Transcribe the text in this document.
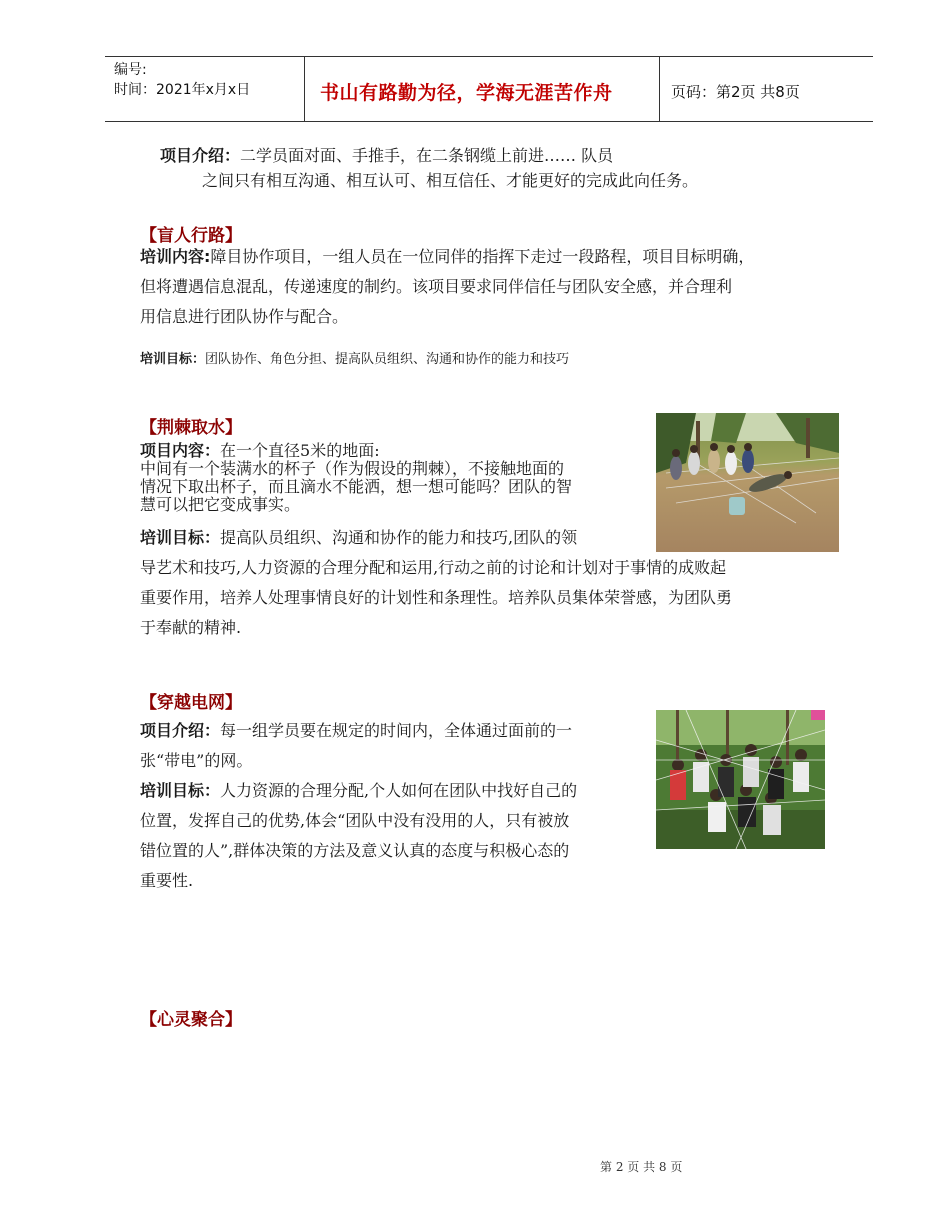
编号:
时间：2021年x月x日	书山有路勤为径，学海无涯苦作舟	页码：第2页 共8页
项目介绍：二学员面对面、手推手，在二条钢缆上前进…… 队员
之间只有相互沟通、相互认可、相互信任、才能更好的完成此向任务。
【盲人行路】
培训内容:障目协作项目，一组人员在一位同伴的指挥下走过一段路程，项目目标明确，
但将遭遇信息混乱，传递速度的制约。该项目要求同伴信任与团队安全感，并合理利
用信息进行团队协作与配合。
培训目标：团队协作、角色分担、提高队员组织、沟通和协作的能力和技巧
【荆棘取水】
项目内容：在一个直径5米的地面:
中间有一个装满水的杯子（作为假设的荆棘），不接触地面的
情况下取出杯子，而且滴水不能洒，想一想可能吗？团队的智
慧可以把它变成事实。
培训目标：提高队员组织、沟通和协作的能力和技巧,团队的领
导艺术和技巧,人力资源的合理分配和运用,行动之前的讨论和计划对于事情的成败起
重要作用，培养人处理事情良好的计划性和条理性。培养队员集体荣誉感，为团队勇
于奉献的精神.
【穿越电网】
项目介绍：每一组学员要在规定的时间内，全体通过面前的一
张“带电”的网。
培训目标：人力资源的合理分配,个人如何在团队中找好自己的
位置，发挥自己的优势,体会“团队中没有没用的人，只有被放
错位置的人”,群体决策的方法及意义认真的态度与积极心态的
重要性.
【心灵聚合】
第 2 页 共 8 页
